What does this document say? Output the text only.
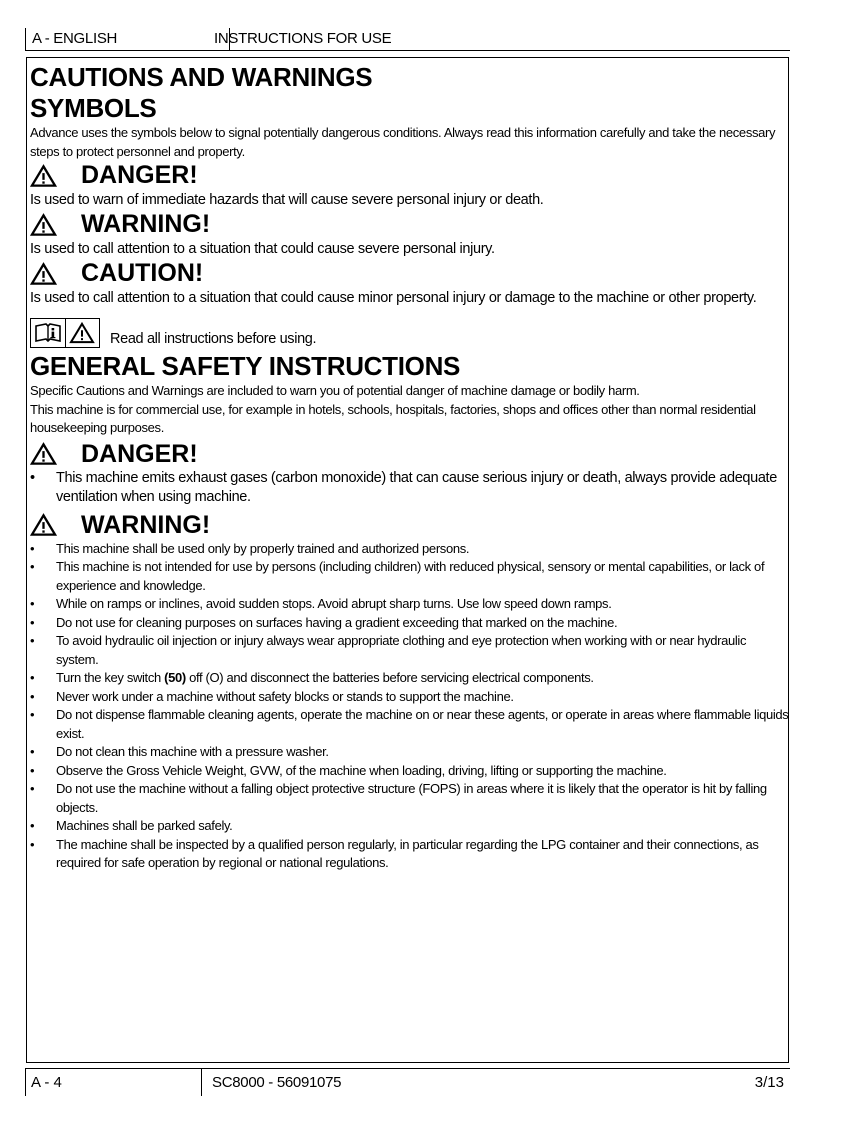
A - ENGLISH	INSTRUCTIONS FOR USE
CAUTIONS AND WARNINGS
SYMBOLS

Advance uses the symbols below to signal potentially dangerous conditions. Always read this information carefully and take the necessary steps to protect personnel and property.

DANGER!

Is used to warn of immediate hazards that will cause severe personal injury or death.

WARNING!

Is used to call attention to a situation that could cause severe personal injury.

CAUTION!

Is used to call attention to a situation that could cause minor personal injury or damage to the machine or other property.

Read all instructions before using.
GENERAL SAFETY INSTRUCTIONS

Specific Cautions and Warnings are included to warn you of potential danger of machine damage or bodily harm.

This machine is for commercial use, for example in hotels, schools, hospitals, factories, shops and offices other than normal residential housekeeping purposes.

DANGER!
• This machine emits exhaust gases (carbon monoxide) that can cause serious injury or death, always provide adequate ventilation when using machine.
WARNING!
• This machine shall be used only by properly trained and authorized persons.
• This machine is not intended for use by persons (including children) with reduced physical, sensory or mental capabilities, or lack of experience and knowledge.
• While on ramps or inclines, avoid sudden stops. Avoid abrupt sharp turns. Use low speed down ramps.
• Do not use for cleaning purposes on surfaces having a gradient exceeding that marked on the machine.
• To avoid hydraulic oil injection or injury always wear appropriate clothing and eye protection when working with or near hydraulic system.
• Turn the key switch (50) off (O) and disconnect the batteries before servicing electrical components.
• Never work under a machine without safety blocks or stands to support the machine.
• Do not dispense flammable cleaning agents, operate the machine on or near these agents, or operate in areas where flammable liquids exist.
• Do not clean this machine with a pressure washer.
• Observe the Gross Vehicle Weight, GVW, of the machine when loading, driving, lifting or supporting the machine.
• Do not use the machine without a falling object protective structure (FOPS) in areas where it is likely that the operator is hit by falling objects.
• Machines shall be parked safely.
• The machine shall be inspected by a qualified person regularly, in particular regarding the LPG container and their connections, as required for safe operation by regional or national regulations.
A - 4	SC8000 - 56091075	3/13
